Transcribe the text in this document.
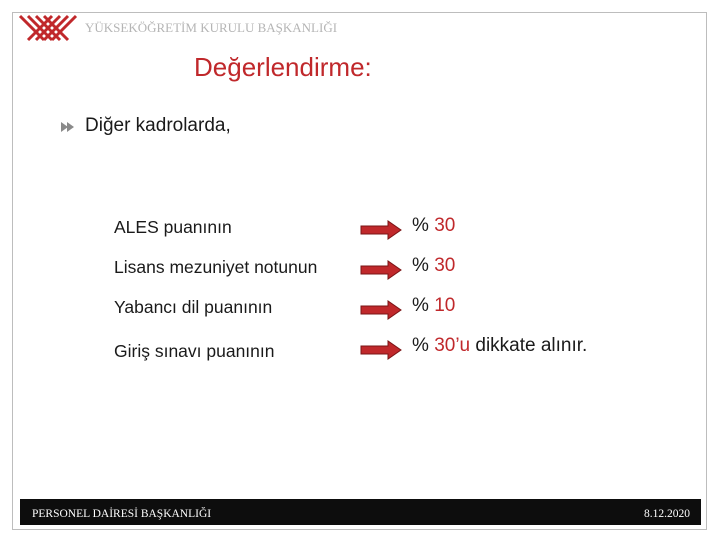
YÜKSEKÖĞRETİM KURULU BAŞKANLIĞI
Değerlendirme:
Diğer kadrolarda,
ALES puanının	% 30
Lisans mezuniyet notunun	% 30
Yabancı dil puanının	% 10
Giriş sınavı puanının	% 30’u dikkate alınır.
PERSONEL DAİRESİ BAŞKANLIĞI	8.12.2020
